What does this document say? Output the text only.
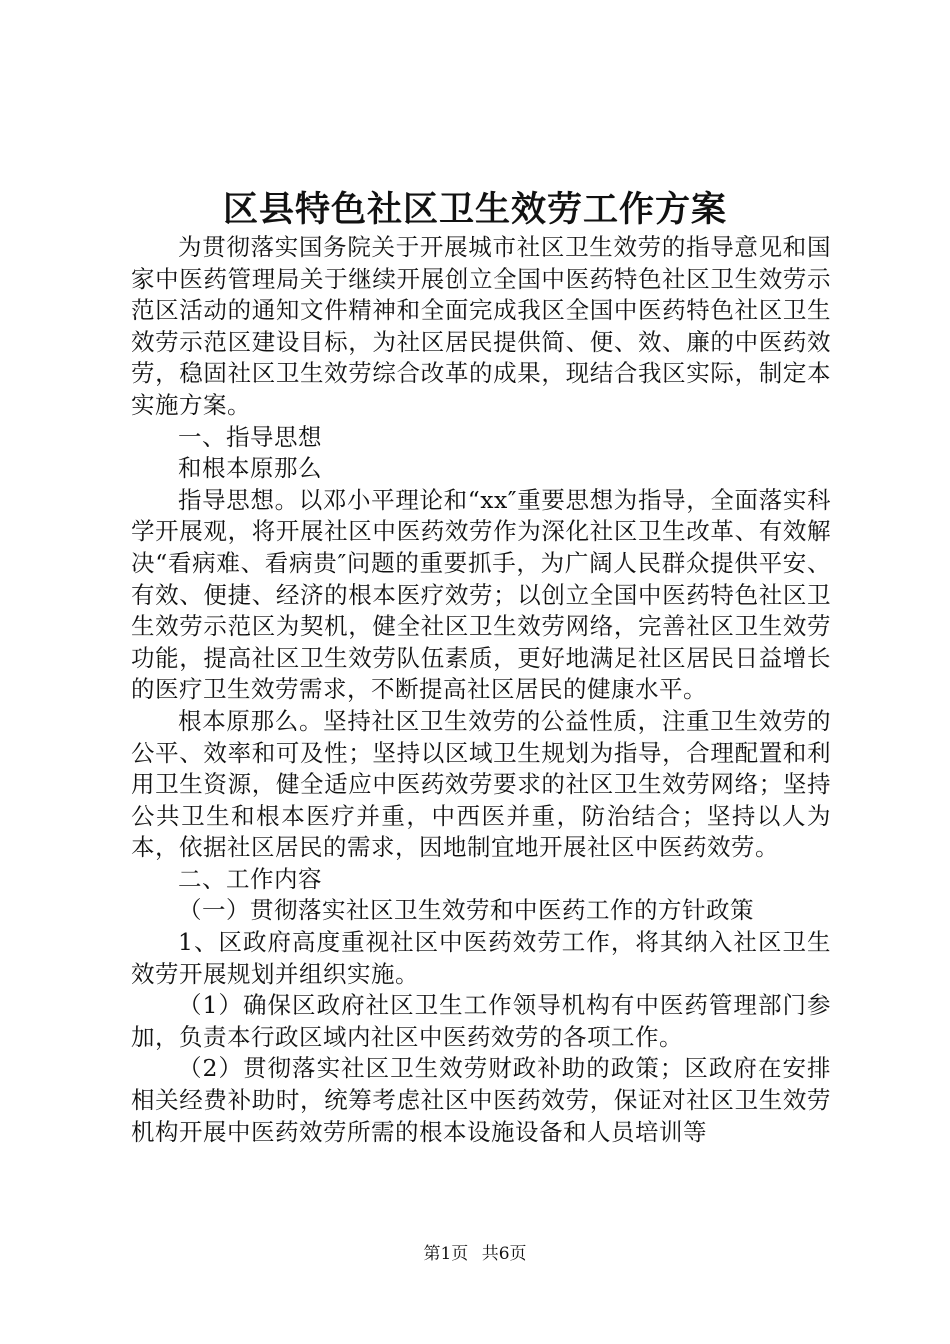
区县特色社区卫生效劳工作方案

为贯彻落实国务院关于开展城市社区卫生效劳的指导意见和国家中医药管理局关于继续开展创立全国中医药特色社区卫生效劳示范区活动的通知文件精神和全面完成我区全国中医药特色社区卫生效劳示范区建设目标，为社区居民提供简、便、效、廉的中医药效劳，稳固社区卫生效劳综合改革的成果，现结合我区实际，制定本实施方案。

一、指导思想

和根本原那么

指导思想。以邓小平理论和“xx″重要思想为指导，全面落实科学开展观，将开展社区中医药效劳作为深化社区卫生改革、有效解决“看病难、看病贵″问题的重要抓手，为广阔人民群众提供平安、有效、便捷、经济的根本医疗效劳；以创立全国中医药特色社区卫生效劳示范区为契机，健全社区卫生效劳网络，完善社区卫生效劳功能，提高社区卫生效劳队伍素质，更好地满足社区居民日益增长的医疗卫生效劳需求，不断提高社区居民的健康水平。

根本原那么。坚持社区卫生效劳的公益性质，注重卫生效劳的公平、效率和可及性；坚持以区域卫生规划为指导，合理配置和利用卫生资源，健全适应中医药效劳要求的社区卫生效劳网络；坚持公共卫生和根本医疗并重，中西医并重，防治结合；坚持以人为本，依据社区居民的需求，因地制宜地开展社区中医药效劳。

二、工作内容

（一）贯彻落实社区卫生效劳和中医药工作的方针政策

1、区政府高度重视社区中医药效劳工作，将其纳入社区卫生效劳开展规划并组织实施。

（1）确保区政府社区卫生工作领导机构有中医药管理部门参加，负责本行政区域内社区中医药效劳的各项工作。

（2）贯彻落实社区卫生效劳财政补助的政策；区政府在安排相关经费补助时，统筹考虑社区中医药效劳，保证对社区卫生效劳机构开展中医药效劳所需的根本设施设备和人员培训等

第1页 共6页
